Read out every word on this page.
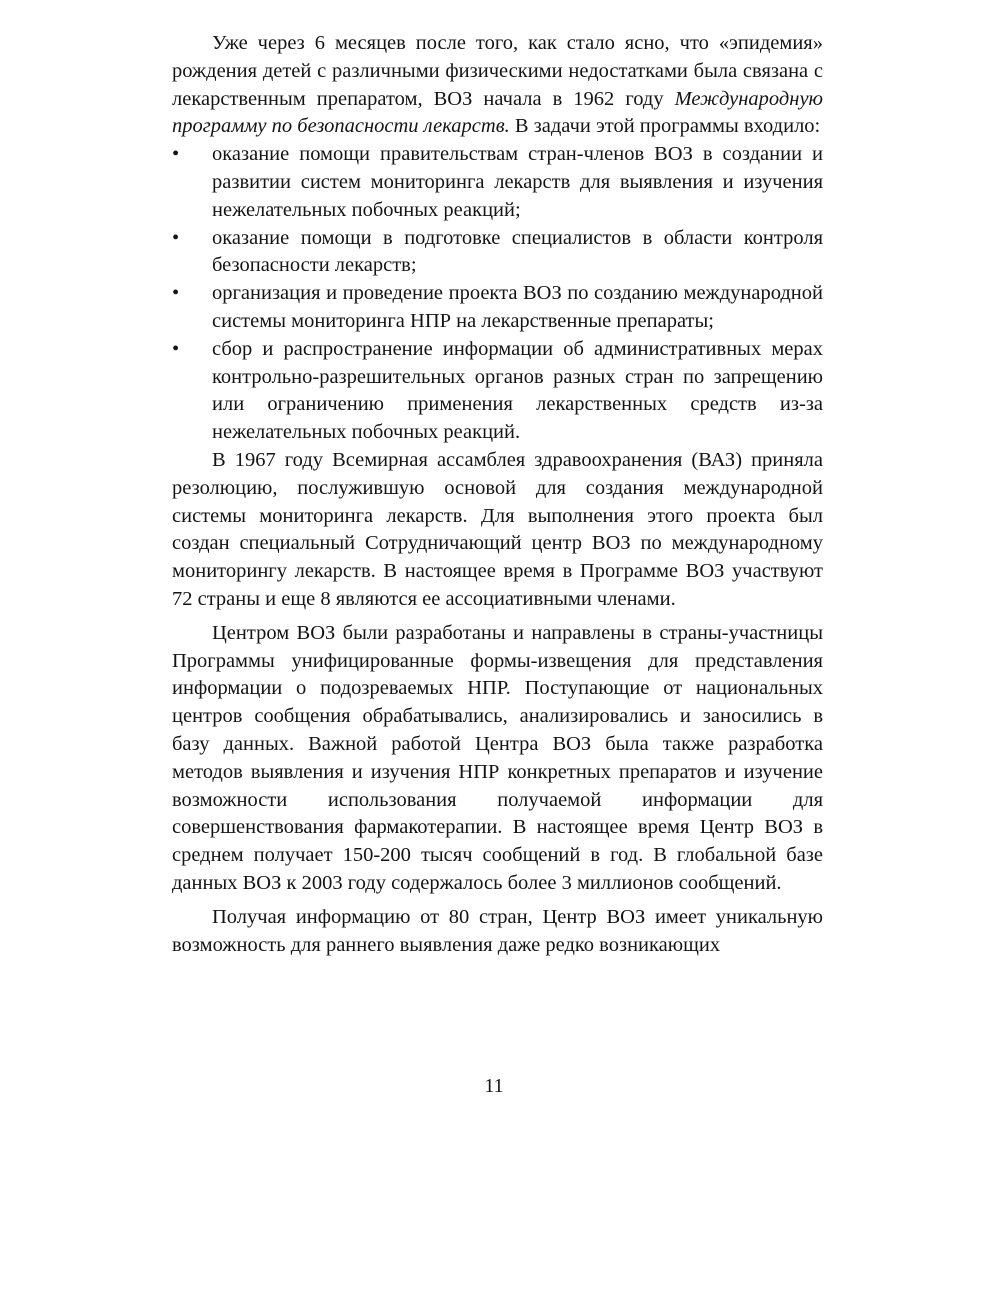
Уже через 6 месяцев после того, как стало ясно, что «эпидемия» рождения детей с различными физическими недостатками была связана с лекарственным препаратом, ВОЗ начала в 1962 году Международную программу по безопасности лекарств. В задачи этой программы входило:

• оказание помощи правительствам стран-членов ВОЗ в создании и развитии систем мониторинга лекарств для выявления и изучения нежелательных побочных реакций;
• оказание помощи в подготовке специалистов в области контроля безопасности лекарств;
• организация и проведение проекта ВОЗ по созданию международной системы мониторинга НПР на лекарственные препараты;
• сбор и распространение информации об административных мерах контрольно-разрешительных органов разных стран по запрещению или ограничению применения лекарственных средств из-за нежелательных побочных реакций.

В 1967 году Всемирная ассамблея здравоохранения (ВАЗ) приняла резолюцию, послужившую основой для создания международной системы мониторинга лекарств. Для выполнения этого проекта был создан специальный Сотрудничающий центр ВОЗ по международному мониторингу лекарств. В настоящее время в Программе ВОЗ участвуют 72 страны и еще 8 являются ее ассоциативными членами.

Центром ВОЗ были разработаны и направлены в страны-участницы Программы унифицированные формы-извещения для представления информации о подозреваемых НПР. Поступающие от национальных центров сообщения обрабатывались, анализировались и заносились в базу данных. Важной работой Центра ВОЗ была также разработка методов выявления и изучения НПР конкретных препаратов и изучение возможности использования получаемой информации для совершенствования фармакотерапии. В настоящее время Центр ВОЗ в среднем получает 150-200 тысяч сообщений в год. В глобальной базе данных ВОЗ к 2003 году содержалось более 3 миллионов сообщений.

Получая информацию от 80 стран, Центр ВОЗ имеет уникальную возможность для раннего выявления даже редко возникающих

11
